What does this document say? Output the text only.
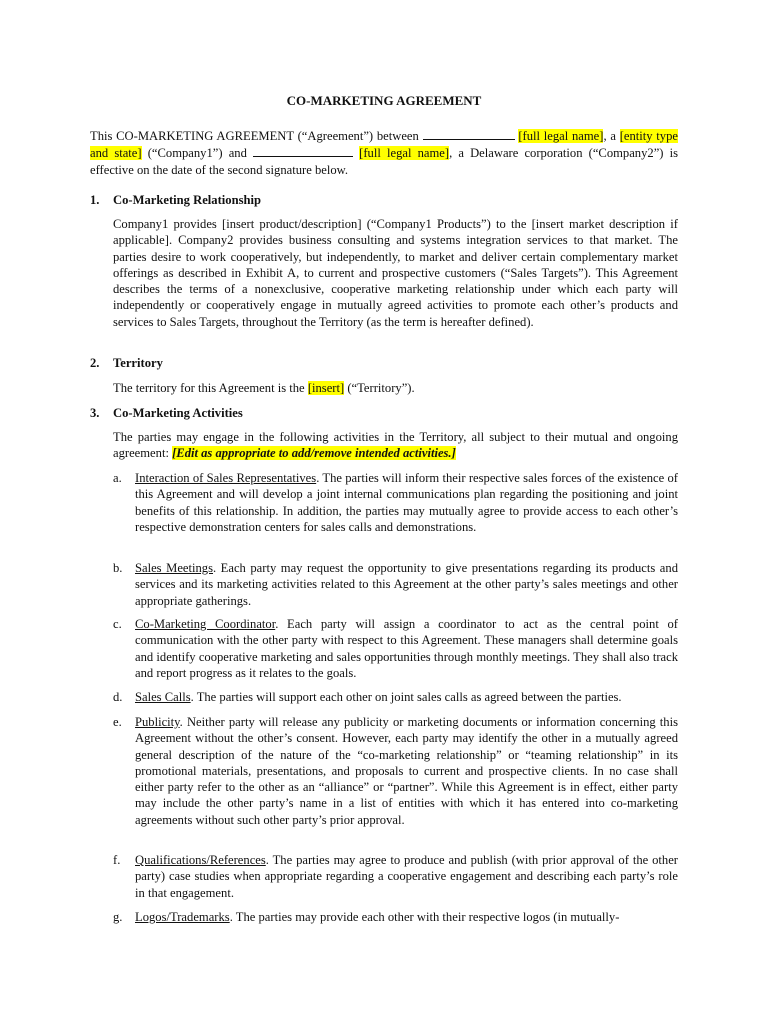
CO-MARKETING AGREEMENT
This CO-MARKETING AGREEMENT (“Agreement”) between	[full legal name], a [entity type and state] (“Company1”) and	[full legal name], a Delaware corporation (“Company2”) is effective on the date of the second signature below.
1. Co-Marketing Relationship
Company1 provides [insert product/description] (“Company1 Products”) to the [insert market description if applicable]. Company2 provides business consulting and systems integration services to that market. The parties desire to work cooperatively, but independently, to market and deliver certain complementary market offerings as described in Exhibit A, to current and prospective customers (“Sales Targets”). This Agreement describes the terms of a nonexclusive, cooperative marketing relationship under which each party will independently or cooperatively engage in mutually agreed activities to promote each other’s products and services to Sales Targets, throughout the Territory (as the term is hereafter defined).
2. Territory
The territory for this Agreement is the [insert] (“Territory”).
3. Co-Marketing Activities
The parties may engage in the following activities in the Territory, all subject to their mutual and ongoing agreement: [Edit as appropriate to add/remove intended activities.]
a. Interaction of Sales Representatives. The parties will inform their respective sales forces of the existence of this Agreement and will develop a joint internal communications plan regarding the positioning and joint benefits of this relationship. In addition, the parties may mutually agree to provide access to each other’s respective demonstration centers for sales calls and demonstrations.
b. Sales Meetings. Each party may request the opportunity to give presentations regarding its products and services and its marketing activities related to this Agreement at the other party’s sales meetings and other appropriate gatherings.
c. Co-Marketing Coordinator. Each party will assign a coordinator to act as the central point of communication with the other party with respect to this Agreement. These managers shall determine goals and identify cooperative marketing and sales opportunities through monthly meetings. They shall also track and report progress as it relates to the goals.
d. Sales Calls. The parties will support each other on joint sales calls as agreed between the parties.
e. Publicity. Neither party will release any publicity or marketing documents or information concerning this Agreement without the other’s consent. However, each party may identify the other in a mutually agreed general description of the nature of the “co-marketing relationship” or “teaming relationship” in its promotional materials, presentations, and proposals to current and prospective clients. In no case shall either party refer to the other as an “alliance” or “partner”. While this Agreement is in effect, either party may include the other party’s name in a list of entities with which it has entered into co-marketing agreements without such other party’s prior approval.
f. Qualifications/References. The parties may agree to produce and publish (with prior approval of the other party) case studies when appropriate regarding a cooperative engagement and describing each party’s role in that engagement.
g. Logos/Trademarks. The parties may provide each other with their respective logos (in mutually-
